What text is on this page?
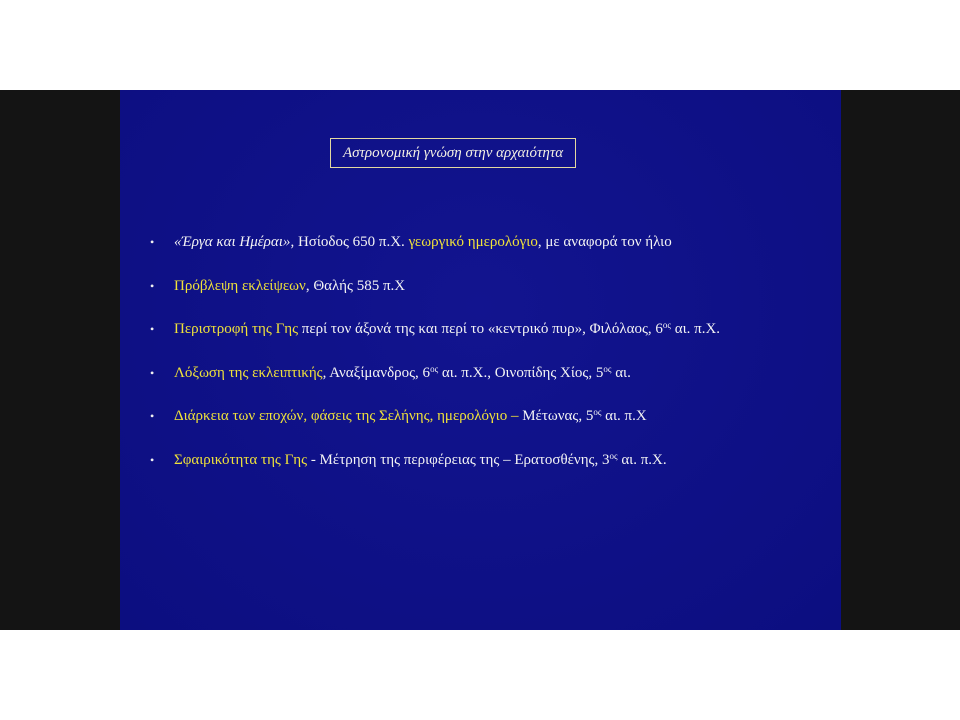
Αστρονομική γνώση στην αρχαιότητα
•	«Έργα και Ημέραι», Ησίοδος 650 π.Χ. γεωργικό ημερολόγιο, με αναφορά τον ήλιο
•	Πρόβλεψη εκλείψεων, Θαλής 585 π.Χ
•	Περιστροφή της Γης περί τον άξονά της και περί το «κεντρικό πυρ», Φιλόλαος, $6^{o\varsigma}$ αι. π.Χ.
•	Λόξωση της εκλειπτικής, Αναξίμανδρος, $6^{o\varsigma}$ αι. π.Χ., Οινοπίδης Χίος, $5^{o\varsigma}$ αι.
•	Διάρκεια των εποχών, φάσεις της Σελήνης, ημερολόγιο – Μέτωνας, $5^{o\varsigma}$ αι. π.Χ
•	Σφαιρικότητα της Γης - Μέτρηση της περιφέρειας της – Ερατοσθένης, $3^{o\varsigma}$ αι. π.Χ.
